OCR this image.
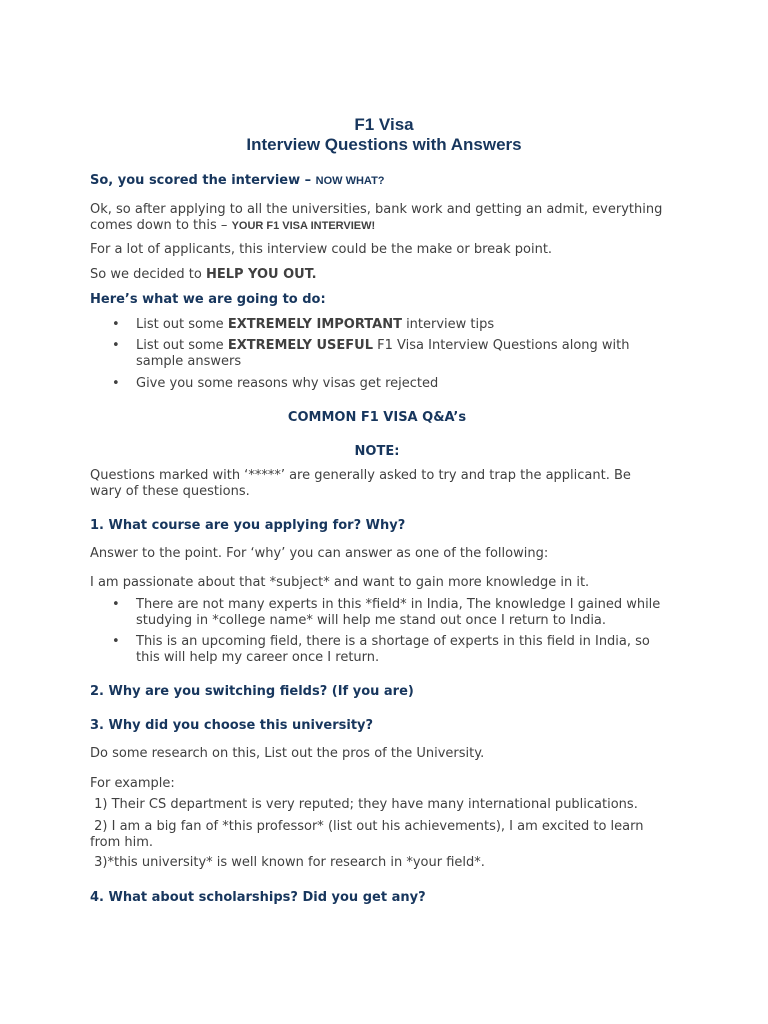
F1 Visa
Interview Questions with Answers
So, you scored the interview – NOW WHAT?
Ok, so after applying to all the universities, bank work and getting an admit, everything comes down to this – YOUR F1 VISA INTERVIEW!
For a lot of applicants, this interview could be the make or break point.
So we decided to HELP YOU OUT.
Here’s what we are going to do:
• List out some EXTREMELY IMPORTANT interview tips
• List out some EXTREMELY USEFUL F1 Visa Interview Questions along with sample answers
• Give you some reasons why visas get rejected
COMMON F1 VISA Q&A’s
NOTE:
Questions marked with ‘*****’ are generally asked to try and trap the applicant. Be wary of these questions.
1. What course are you applying for? Why?
Answer to the point. For ‘why’ you can answer as one of the following:
I am passionate about that *subject* and want to gain more knowledge in it.
• There are not many experts in this *field* in India, The knowledge I gained while studying in *college name* will help me stand out once I return to India.
• This is an upcoming field, there is a shortage of experts in this field in India, so this will help my career once I return.
2. Why are you switching fields? (If you are)
3. Why did you choose this university?
Do some research on this, List out the pros of the University.
For example:
1) Their CS department is very reputed; they have many international publications.
2) I am a big fan of *this professor* (list out his achievements), I am excited to learn from him.
3)*this university* is well known for research in *your field*.
4. What about scholarships? Did you get any?
